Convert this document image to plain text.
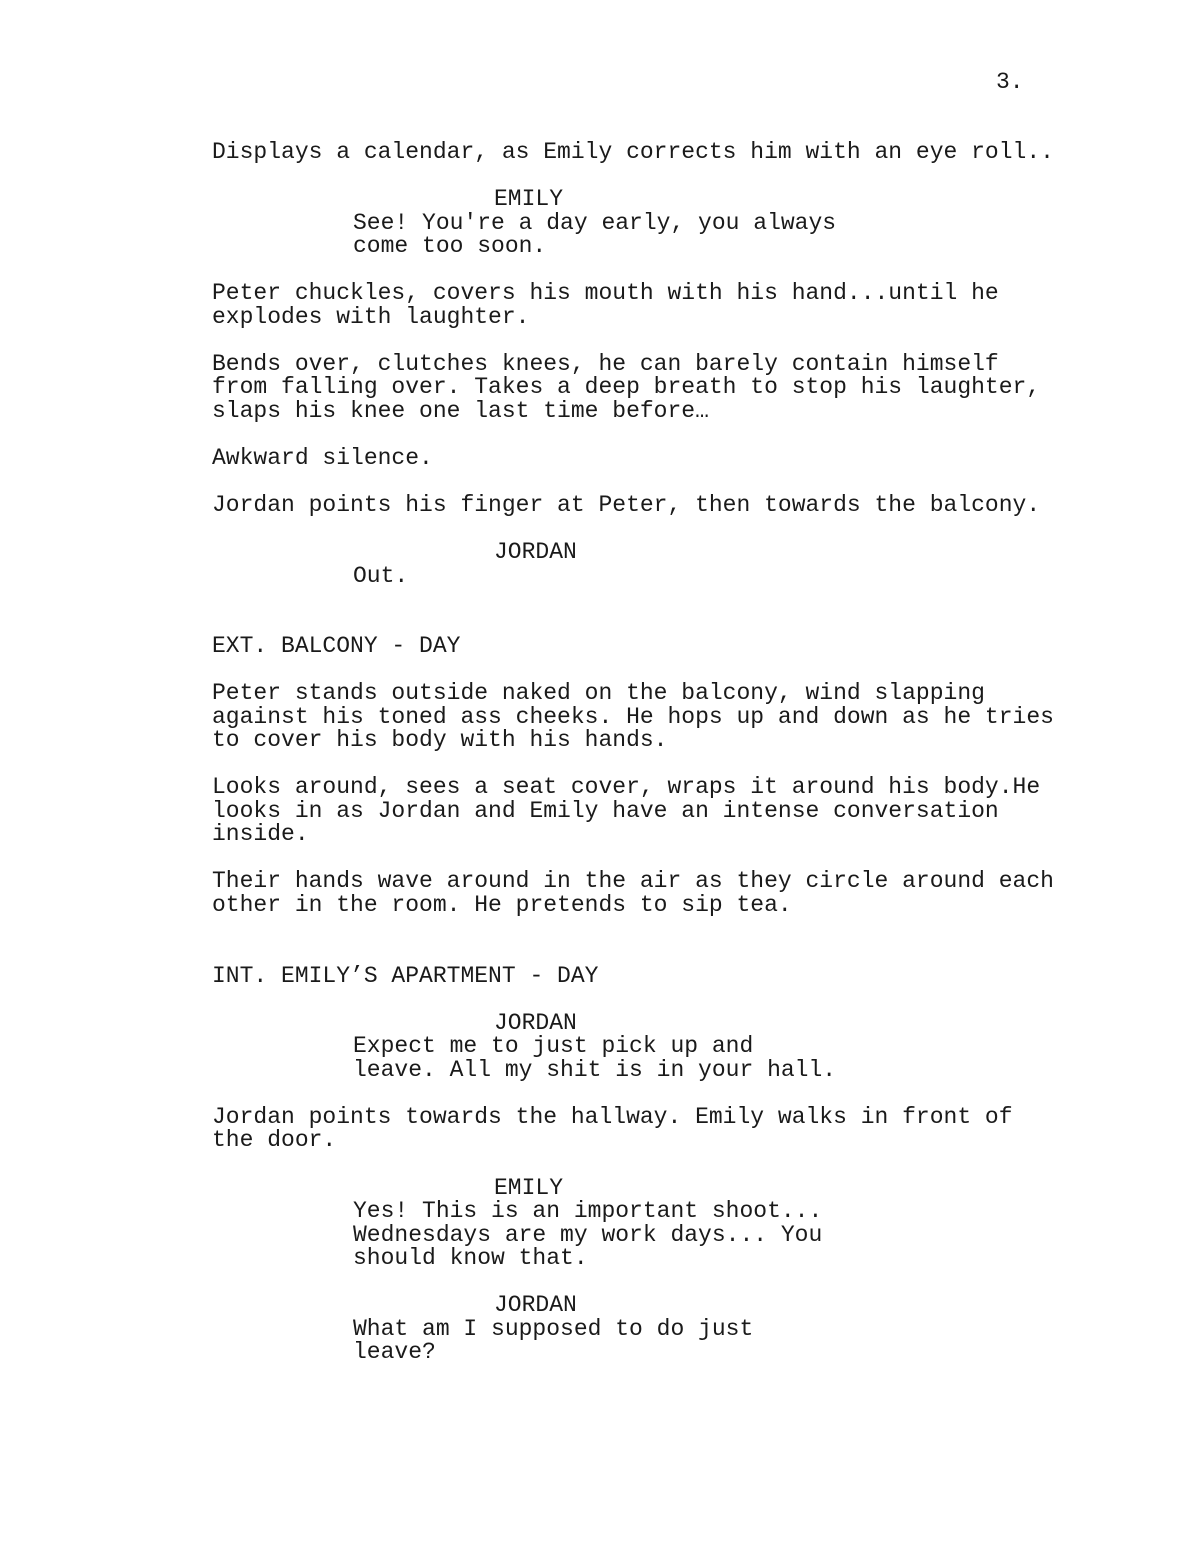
3.
Displays a calendar, as Emily corrects him with an eye roll..
EMILY
See! You're a day early, you always
come too soon.
Peter chuckles, covers his mouth with his hand...until he
explodes with laughter.
Bends over, clutches knees, he can barely contain himself
from falling over. Takes a deep breath to stop his laughter,
slaps his knee one last time before…
Awkward silence.
Jordan points his finger at Peter, then towards the balcony.
JORDAN
Out.
EXT. BALCONY - DAY
Peter stands outside naked on the balcony, wind slapping
against his toned ass cheeks. He hops up and down as he tries
to cover his body with his hands.
Looks around, sees a seat cover, wraps it around his body.He
looks in as Jordan and Emily have an intense conversation
inside.
Their hands wave around in the air as they circle around each
other in the room. He pretends to sip tea.
INT. EMILY’S APARTMENT - DAY
JORDAN
Expect me to just pick up and
leave. All my shit is in your hall.
Jordan points towards the hallway. Emily walks in front of
the door.
EMILY
Yes! This is an important shoot...
Wednesdays are my work days... You
should know that.
JORDAN
What am I supposed to do just
leave?
